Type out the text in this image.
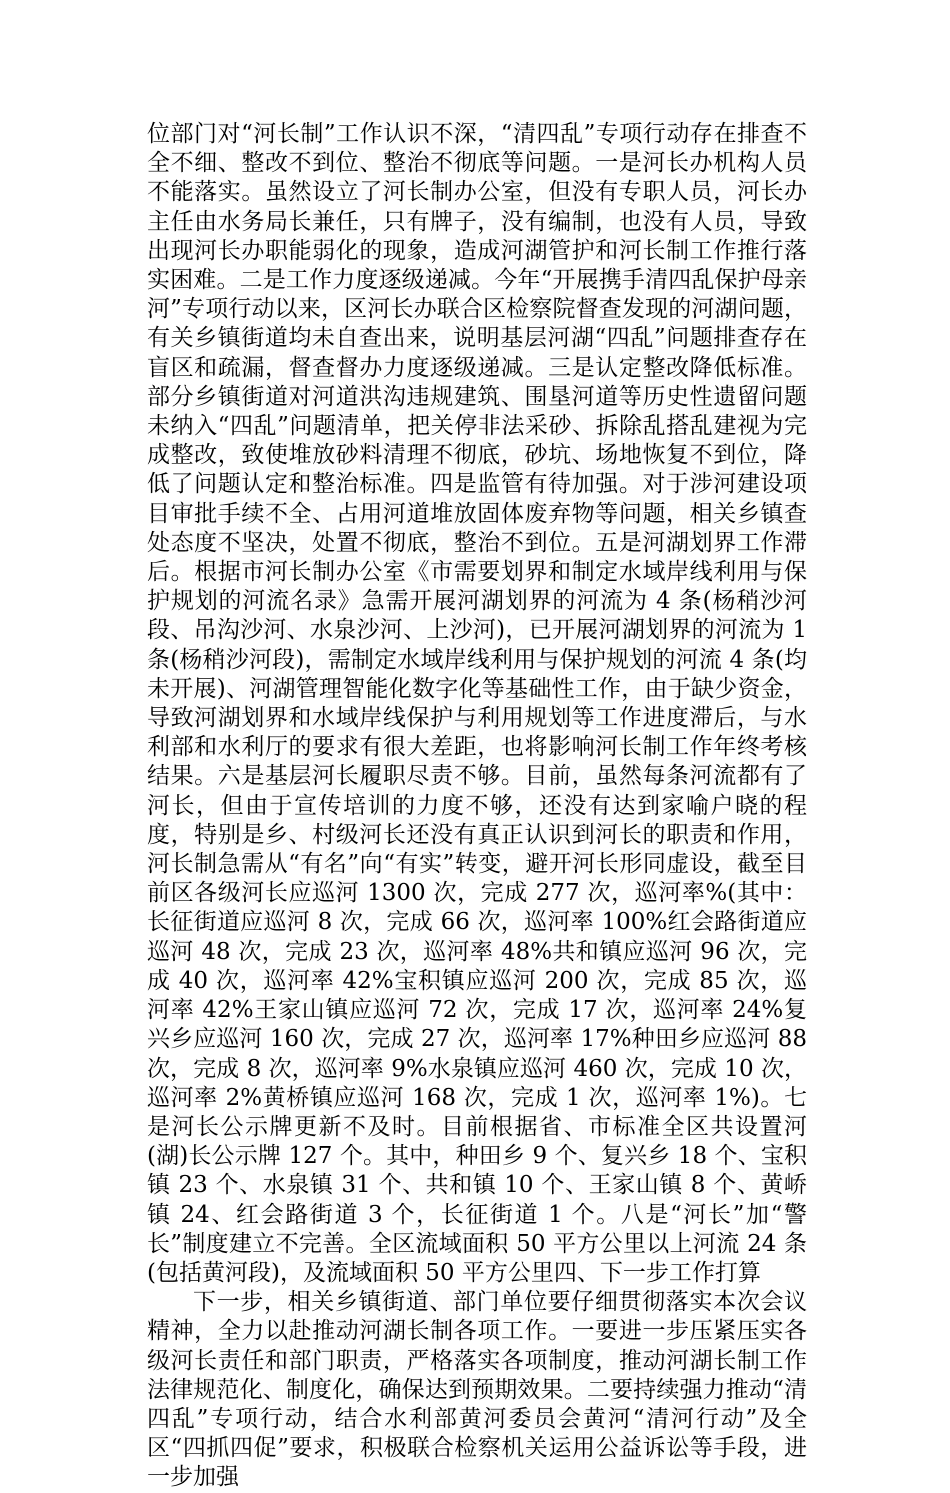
位部门对“河长制”工作认识不深，“清四乱”专项行动存在排查不全不细、整改不到位、整治不彻底等问题。一是河长办机构人员不能落实。虽然设立了河长制办公室，但没有专职人员，河长办主任由水务局长兼任，只有牌子，没有编制，也没有人员，导致出现河长办职能弱化的现象，造成河湖管护和河长制工作推行落实困难。二是工作力度逐级递减。今年“开展携手清四乱保护母亲河”专项行动以来，区河长办联合区检察院督查发现的河湖问题，有关乡镇街道均未自查出来，说明基层河湖“四乱”问题排查存在盲区和疏漏，督查督办力度逐级递减。三是认定整改降低标准。部分乡镇街道对河道洪沟违规建筑、围垦河道等历史性遗留问题未纳入“四乱”问题清单，把关停非法采砂、拆除乱搭乱建视为完成整改，致使堆放砂料清理不彻底，砂坑、场地恢复不到位，降低了问题认定和整治标准。四是监管有待加强。对于涉河建设项目审批手续不全、占用河道堆放固体废弃物等问题，相关乡镇查处态度不坚决，处置不彻底，整治不到位。五是河湖划界工作滞后。根据市河长制办公室《市需要划界和制定水域岸线利用与保护规划的河流名录》急需开展河湖划界的河流为 4 条(杨稍沙河段、吊沟沙河、水泉沙河、上沙河)，已开展河湖划界的河流为 1 条(杨稍沙河段)，需制定水域岸线利用与保护规划的河流 4 条(均未开展)、河湖管理智能化数字化等基础性工作，由于缺少资金，导致河湖划界和水域岸线保护与利用规划等工作进度滞后，与水利部和水利厅的要求有很大差距，也将影响河长制工作年终考核结果。六是基层河长履职尽责不够。目前，虽然每条河流都有了河长，但由于宣传培训的力度不够，还没有达到家喻户晓的程度，特别是乡、村级河长还没有真正认识到河长的职责和作用，河长制急需从“有名”向“有实”转变，避开河长形同虚设，截至目前区各级河长应巡河 1300 次，完成 277 次，巡河率%(其中：长征街道应巡河 8 次，完成 66 次，巡河率 100%红会路街道应巡河 48 次，完成 23 次，巡河率 48%共和镇应巡河 96 次，完成 40 次，巡河率 42%宝积镇应巡河 200 次，完成 85 次，巡河率 42%王家山镇应巡河 72 次，完成 17 次，巡河率 24%复兴乡应巡河 160 次，完成 27 次，巡河率 17%种田乡应巡河 88 次，完成 8 次，巡河率 9%水泉镇应巡河 460 次，完成 10 次，巡河率 2%黄桥镇应巡河 168 次，完成 1 次，巡河率 1%)。七是河长公示牌更新不及时。目前根据省、市标准全区共设置河(湖)长公示牌 127 个。其中，种田乡 9 个、复兴乡 18 个、宝积镇 23 个、水泉镇 31 个、共和镇 10 个、王家山镇 8 个、黄峤镇 24、红会路街道 3 个，长征街道 1 个。八是“河长”加“警长”制度建立不完善。全区流域面积 50 平方公里以上河流 24 条(包括黄河段)，及流域面积 50 平方公里四、下一步工作打算

下一步，相关乡镇街道、部门单位要仔细贯彻落实本次会议精神，全力以赴推动河湖长制各项工作。一要进一步压紧压实各级河长责任和部门职责，严格落实各项制度，推动河湖长制工作法律规范化、制度化，确保达到预期效果。二要持续强力推动“清四乱”专项行动，结合水利部黄河委员会黄河“清河行动”及全区“四抓四促”要求，积极联合检察机关运用公益诉讼等手段，进一步加强
